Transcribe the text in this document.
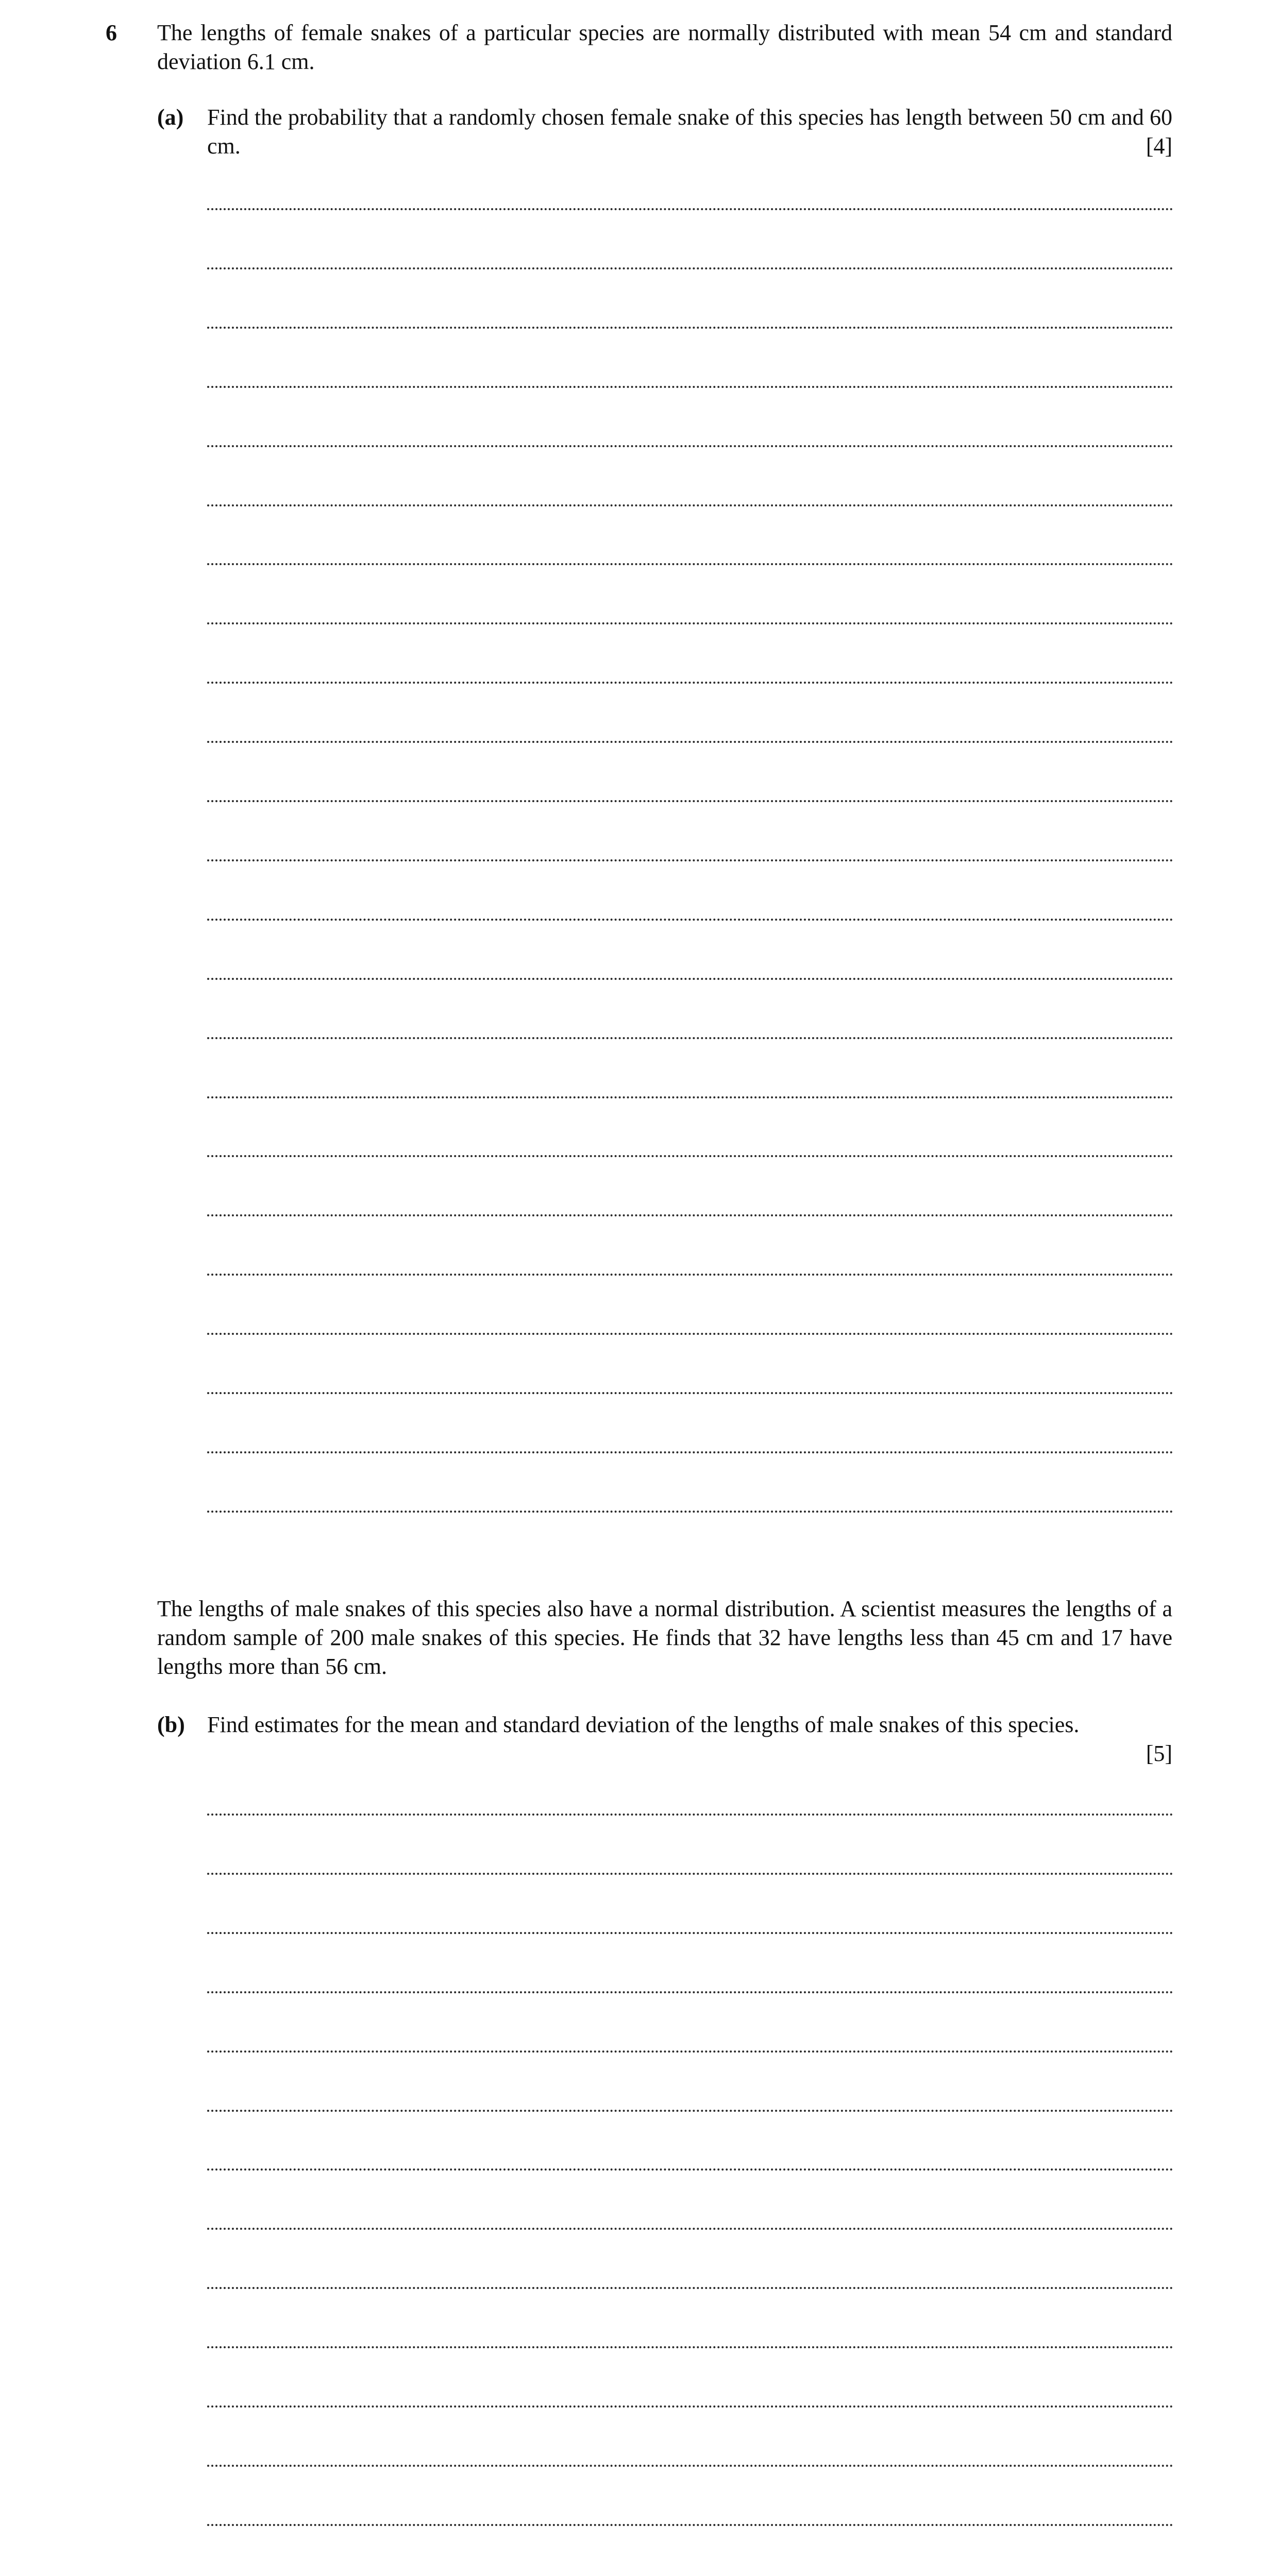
6 The lengths of female snakes of a particular species are normally distributed with mean 54 cm and standard deviation 6.1 cm.
(a) Find the probability that a randomly chosen female snake of this species has length between 50 cm and 60 cm.	[4]
The lengths of male snakes of this species also have a normal distribution. A scientist measures the lengths of a random sample of 200 male snakes of this species. He finds that 32 have lengths less than 45 cm and 17 have lengths more than 56 cm.
(b) Find estimates for the mean and standard deviation of the lengths of male snakes of this species.
[5]
